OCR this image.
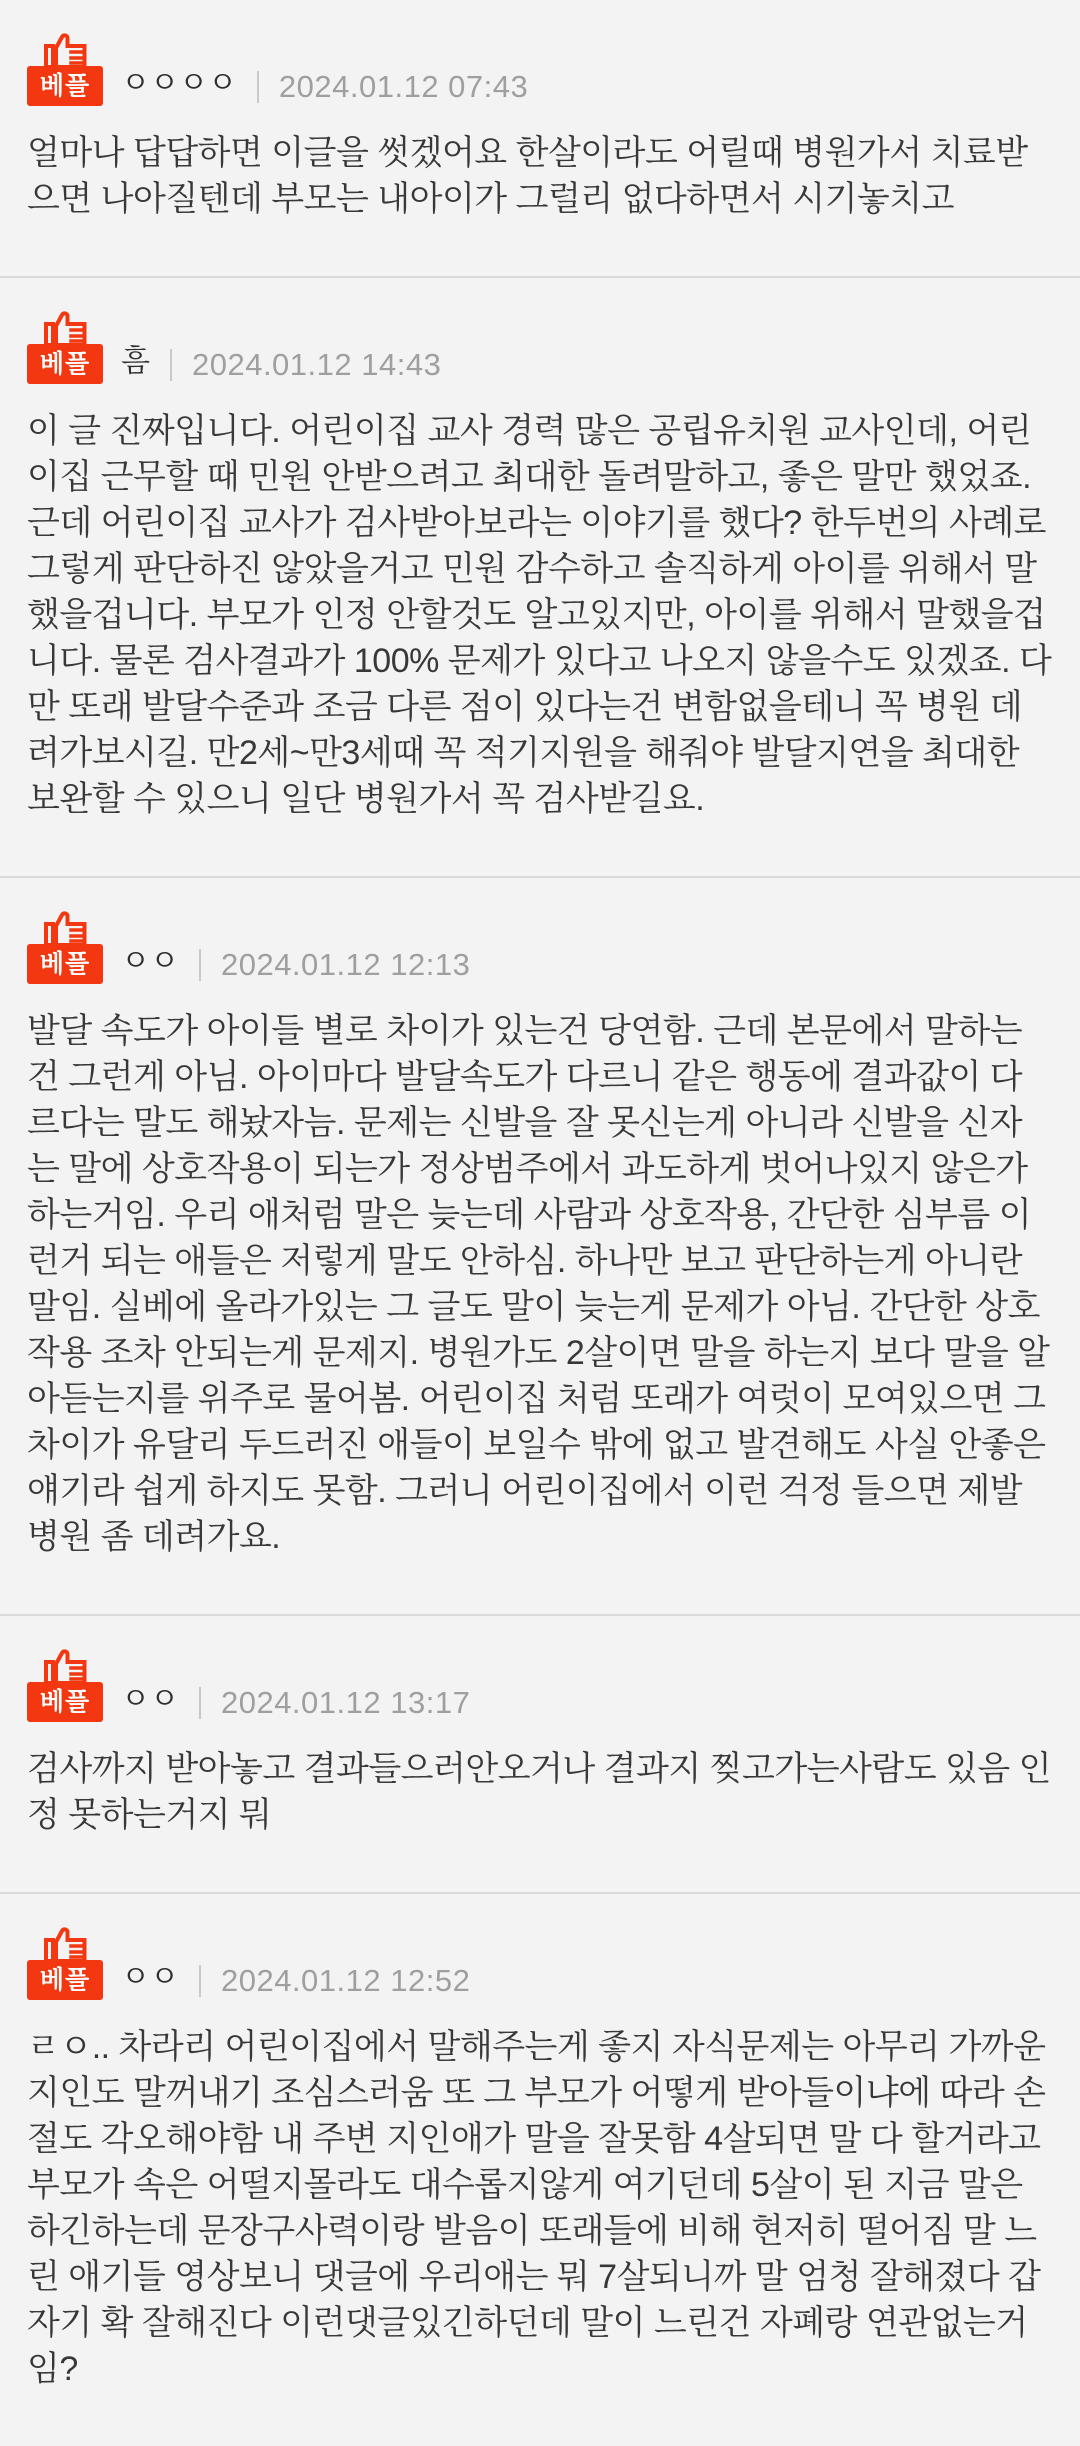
베플	ㅇㅇㅇㅇ 2024.01.12 07:43

얼마나 답답하면 이글을 썻겠어요 한살이라도 어릴때 병원가서 치료받으면 나아질텐데 부모는 내아이가 그럴리 없다하면서 시기놓치고

베플	흠 2024.01.12 14:43

이 글 진짜입니다. 어린이집 교사 경력 많은 공립유치원 교사인데, 어린이집 근무할 때 민원 안받으려고 최대한 돌려말하고, 좋은 말만 했었죠. 근데 어린이집 교사가 검사받아보라는 이야기를 했다? 한두번의 사례로 그렇게 판단하진 않았을거고 민원 감수하고 솔직하게 아이를 위해서 말했을겁니다. 부모가 인정 안할것도 알고있지만, 아이를 위해서 말했을겁니다. 물론 검사결과가 100% 문제가 있다고 나오지 않을수도 있겠죠. 다만 또래 발달수준과 조금 다른 점이 있다는건 변함없을테니 꼭 병원 데려가보시길. 만2세~만3세때 꼭 적기지원을 해줘야 발달지연을 최대한 보완할 수 있으니 일단 병원가서 꼭 검사받길요.

베플	ㅇㅇ 2024.01.12 12:13

발달 속도가 아이들 별로 차이가 있는건 당연함. 근데 본문에서 말하는건 그런게 아님. 아이마다 발달속도가 다르니 같은 행동에 결과값이 다르다는 말도 해놨자늠. 문제는 신발을 잘 못신는게 아니라 신발을 신자는 말에 상호작용이 되는가 정상범주에서 과도하게 벗어나있지 않은가 하는거임. 우리 애처럼 말은 늦는데 사람과 상호작용, 간단한 심부름 이런거 되는 애들은 저렇게 말도 안하심. 하나만 보고 판단하는게 아니란 말임. 실베에 올라가있는 그 글도 말이 늦는게 문제가 아님. 간단한 상호작용 조차 안되는게 문제지. 병원가도 2살이면 말을 하는지 보다 말을 알아듣는지를 위주로 물어봄. 어린이집 처럼 또래가 여럿이 모여있으면 그 차이가 유달리 두드러진 애들이 보일수 밖에 없고 발견해도 사실 안좋은 얘기라 쉽게 하지도 못함. 그러니 어린이집에서 이런 걱정 들으면 제발 병원 좀 데려가요.

베플	ㅇㅇ 2024.01.12 13:17

검사까지 받아놓고 결과들으러안오거나 결과지 찢고가는사람도 있음 인정 못하는거지 뭐

베플	ㅇㅇ 2024.01.12 12:52

ㄹㅇ.. 차라리 어린이집에서 말해주는게 좋지 자식문제는 아무리 가까운 지인도 말꺼내기 조심스러움 또 그 부모가 어떻게 받아들이냐에 따라 손절도 각오해야함 내 주변 지인애가 말을 잘못함 4살되면 말 다 할거라고 부모가 속은 어떨지몰라도 대수롭지않게 여기던데 5살이 된 지금 말은 하긴하는데 문장구사력이랑 발음이 또래들에 비해 현저히 떨어짐 말 느린 애기들 영상보니 댓글에 우리애는 뭐 7살되니까 말 엄청 잘해졌다 갑자기 확 잘해진다 이런댓글있긴하던데 말이 느린건 자폐랑 연관없는거임?
